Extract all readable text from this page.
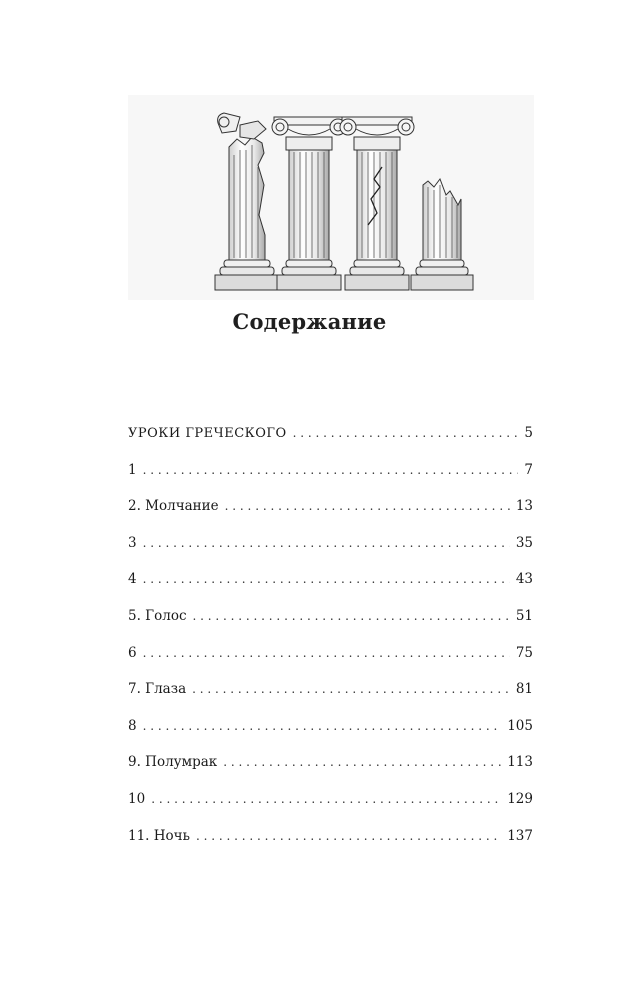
Содержание
УРОКИ ГРЕЧЕСКОГО . . .	5
1 . . .	7
2. Молчание . . .	13
3 . . .	35
4 . . .	43
5. Голос . . .	51
6 . . .	75
7. Глаза . . .	81
8 . . .	105
9. Полумрак . . .	113
10 . . .	129
11. Ночь . . .	137
